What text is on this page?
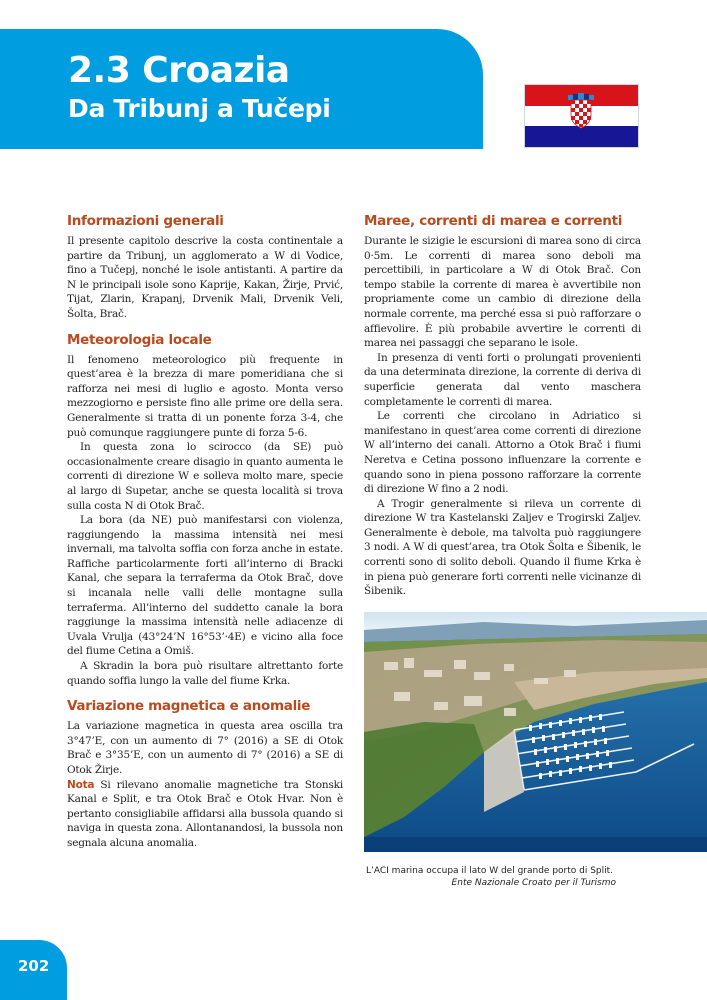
2.3 Croazia
Da Tribunj a Tučepi
Informazioni generali

Il presente capitolo descrive la costa continentale a partire da Tribunj, un agglomerato a W di Vodice, fino a Tučepj, nonché le isole antistanti. A partire da N le principali isole sono Kaprije, Kakan, Žirje, Prvić, Tijat, Zlarin, Krapanj, Drvenik Mali, Drvenik Veli, Šolta, Brač.

Meteorologia locale

Il fenomeno meteorologico più frequente in quest’area è la brezza di mare pomeridiana che si rafforza nei mesi di luglio e agosto. Monta verso mezzogiorno e persiste fino alle prime ore della sera. Generalmente si tratta di un ponente forza 3-4, che può comunque raggiungere punte di forza 5-6.

In questa zona lo scirocco (da SE) può occasionalmente creare disagio in quanto aumenta le correnti di direzione W e solleva molto mare, specie al largo di Supetar, anche se questa località si trova sulla costa N di Otok Brač.

La bora (da NE) può manifestarsi con violenza, raggiungendo la massima intensità nei mesi invernali, ma talvolta soffia con forza anche in estate. Raffiche particolarmente forti all’interno di Bracki Kanal, che separa la terraferma da Otok Brač, dove si incanala nelle valli delle montagne sulla terraferma. All’interno del suddetto canale la bora raggiunge la massima intensità nelle adiacenze di Uvala Vrulja (43°24’N 16°53’·4E) e vicino alla foce del fiume Cetina a Omiš.

A Skradin la bora può risultare altrettanto forte quando soffia lungo la valle del fiume Krka.

Variazione magnetica e anomalie

La variazione magnetica in questa area oscilla tra 3°47’E, con un aumento di 7° (2016) a SE di Otok Brač e 3°35’E, con un aumento di 7° (2016) a SE di Otok Žirje.

Nota Si rilevano anomalie magnetiche tra Stonski Kanal e Split, e tra Otok Brač e Otok Hvar. Non è pertanto consigliabile affidarsi alla bussola quando si naviga in questa zona. Allontanandosi, la bussola non segnala alcuna anomalia.

Maree, correnti di marea e correnti

Durante le sizigie le escursioni di marea sono di circa 0·5m. Le correnti di marea sono deboli ma percettibili, in particolare a W di Otok Brač. Con tempo stabile la corrente di marea è avvertibile non propriamente come un cambio di direzione della normale corrente, ma perché essa si può rafforzare o affievolire. È più probabile avvertire le correnti di marea nei passaggi che separano le isole.

In presenza di venti forti o prolungati provenienti da una determinata direzione, la corrente di deriva di superficie generata dal vento maschera completamente le correnti di marea.

Le correnti che circolano in Adriatico si manifestano in quest’area come correnti di direzione W all’interno dei canali. Attorno a Otok Brač i fiumi Neretva e Cetina possono influenzare la corrente e quando sono in piena possono rafforzare la corrente di direzione W fino a 2 nodi.

A Trogir generalmente si rileva un corrente di direzione W tra Kastelanski Zaljev e Trogirski Zaljev. Generalmente è debole, ma talvolta può raggiungere 3 nodi. A W di quest’area, tra Otok Šolta e Šibenik, le correnti sono di solito deboli. Quando il fiume Krka è in piena può generare forti correnti nelle vicinanze di Šibenik.

L’ACI marina occupa il lato W del grande porto di Split.
Ente Nazionale Croato per il Turismo
202
